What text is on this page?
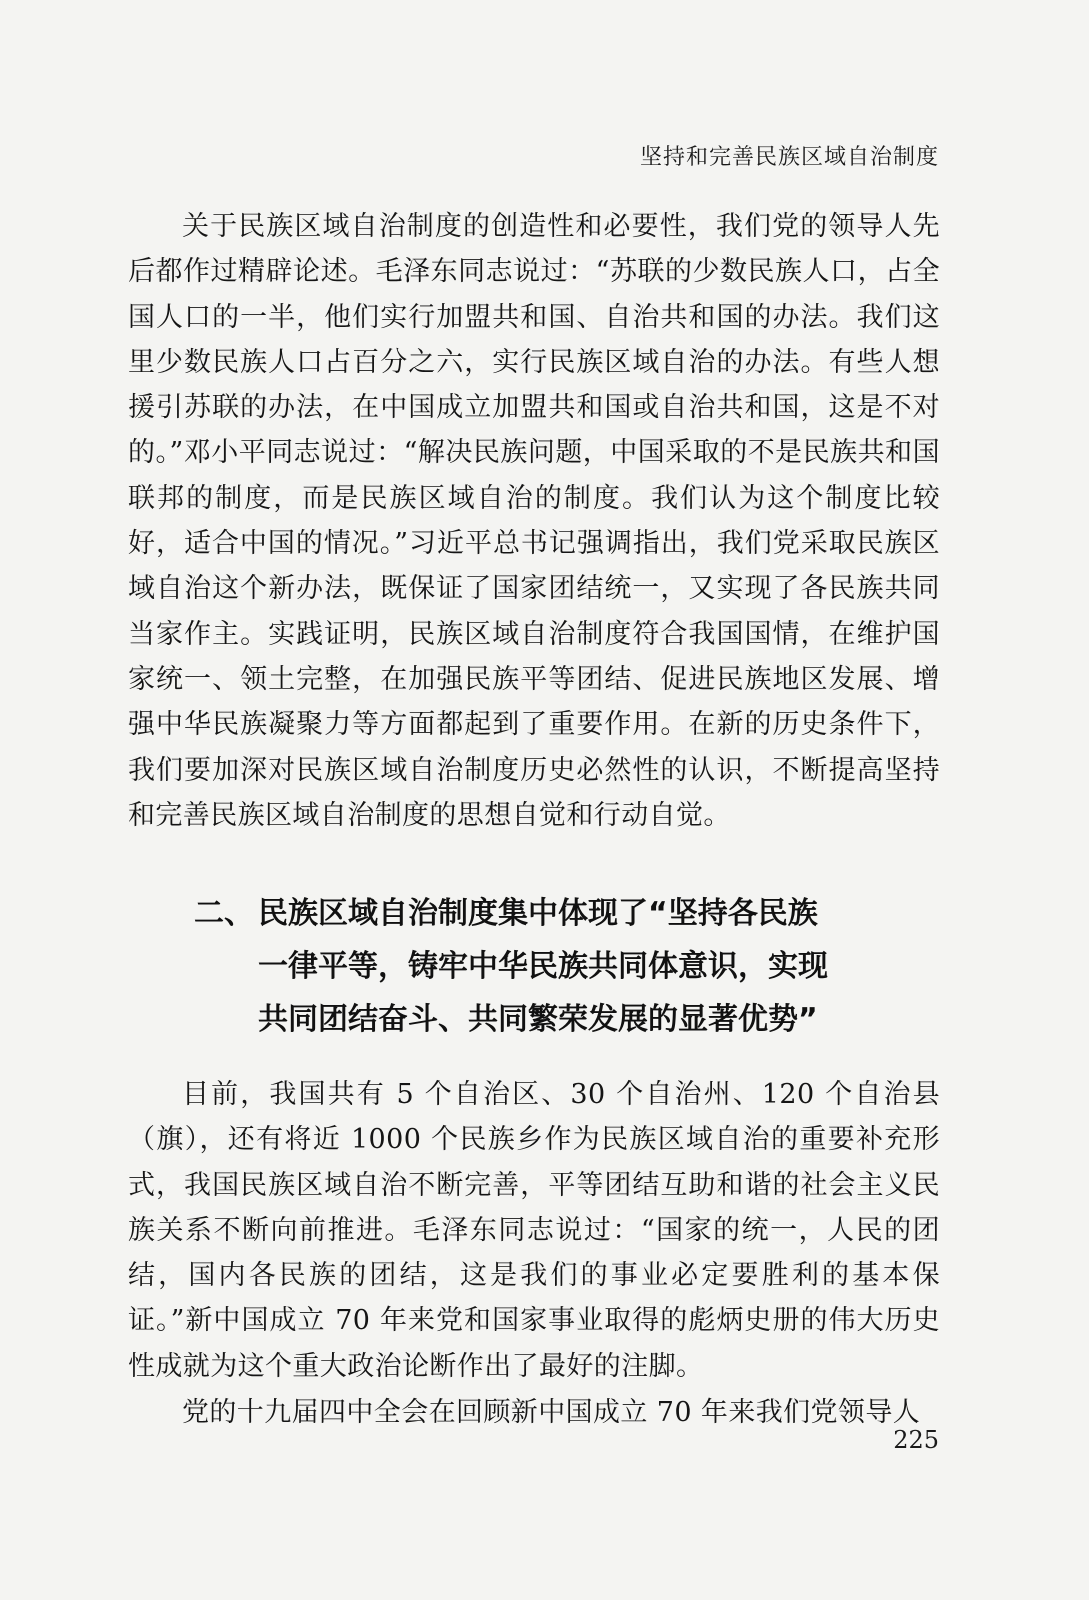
坚持和完善民族区域自治制度

关于民族区域自治制度的创造性和必要性，我们党的领导人先后都作过精辟论述。毛泽东同志说过：“苏联的少数民族人口，占全国人口的一半，他们实行加盟共和国、自治共和国的办法。我们这里少数民族人口占百分之六，实行民族区域自治的办法。有些人想援引苏联的办法，在中国成立加盟共和国或自治共和国，这是不对的。”邓小平同志说过：“解决民族问题，中国采取的不是民族共和国联邦的制度，而是民族区域自治的制度。我们认为这个制度比较好，适合中国的情况。”习近平总书记强调指出，我们党采取民族区域自治这个新办法，既保证了国家团结统一，又实现了各民族共同当家作主。实践证明，民族区域自治制度符合我国国情，在维护国家统一、领土完整，在加强民族平等团结、促进民族地区发展、增强中华民族凝聚力等方面都起到了重要作用。在新的历史条件下，我们要加深对民族区域自治制度历史必然性的认识，不断提高坚持和完善民族区域自治制度的思想自觉和行动自觉。

二、 民族区域自治制度集中体现了“坚持各民族
一律平等，铸牢中华民族共同体意识，实现
共同团结奋斗、共同繁荣发展的显著优势”

目前，我国共有 5 个自治区、30 个自治州、120 个自治县（旗），还有将近 1000 个民族乡作为民族区域自治的重要补充形式，我国民族区域自治不断完善，平等团结互助和谐的社会主义民族关系不断向前推进。毛泽东同志说过：“国家的统一，人民的团结，国内各民族的团结，这是我们的事业必定要胜利的基本保证。”新中国成立 70 年来党和国家事业取得的彪炳史册的伟大历史性成就为这个重大政治论断作出了最好的注脚。

党的十九届四中全会在回顾新中国成立 70 年来我们党领导人

225
